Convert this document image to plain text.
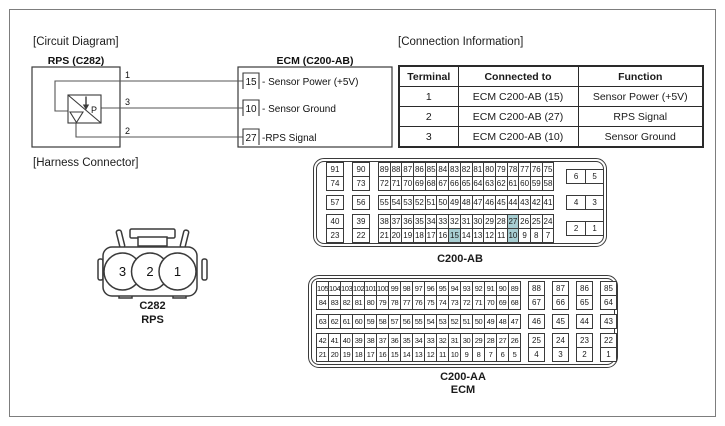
[Circuit Diagram]	[Connection Information]
[Harness Connector]
RPS (C282)	ECM (C200-AB)
P
1
3
2
15
10
27
- Sensor Power (+5V)
- Sensor Ground
-RPS Signal
Terminal	Connected to	Function
1	ECM C200-AB (15)	Sensor Power (+5V)
2	ECM C200-AB (27)	RPS Signal
3	ECM C200-AB (10)	Sensor Ground
3 2 1
C282
RPS
91
74
90
73
89 88 87 86 85 84 83 82 81 80 79 78 77 76 75
72 71 70 69 68 67 66 65 64 63 62 61 60 59 58
6	5
57	56	55 54 53 52 51 50 49 48 47 46 45 44 43 42 41	4	3
40
23
39
22
38 37 36 35 34 33 32 31 30 29 28 27 26 25 24
21 20 19 18 17 16 15 14 13 12 11 10 9 8 7
2	1
C200-AB
105 104 103 102 101 100 99 98 97 96 95 94 93 92 91 90 89
84 83 82 81 80 79 78 77 76 75 74 73 72 71 70 69 68
88
67
87
66
86
65
85
64
63 62 61 60 59 58 57 56 55 54 53 52 51 50 49 48 47	46	45	44	43
42 41 40 39 38 37 36 35 34 33 32 31 30 29 28 27 26
21 20 19 18 17 16 15 14 13 12 11 10 9	8	7	6	5
25
4
24
3
23
2
22
1
C200-AA
ECM
